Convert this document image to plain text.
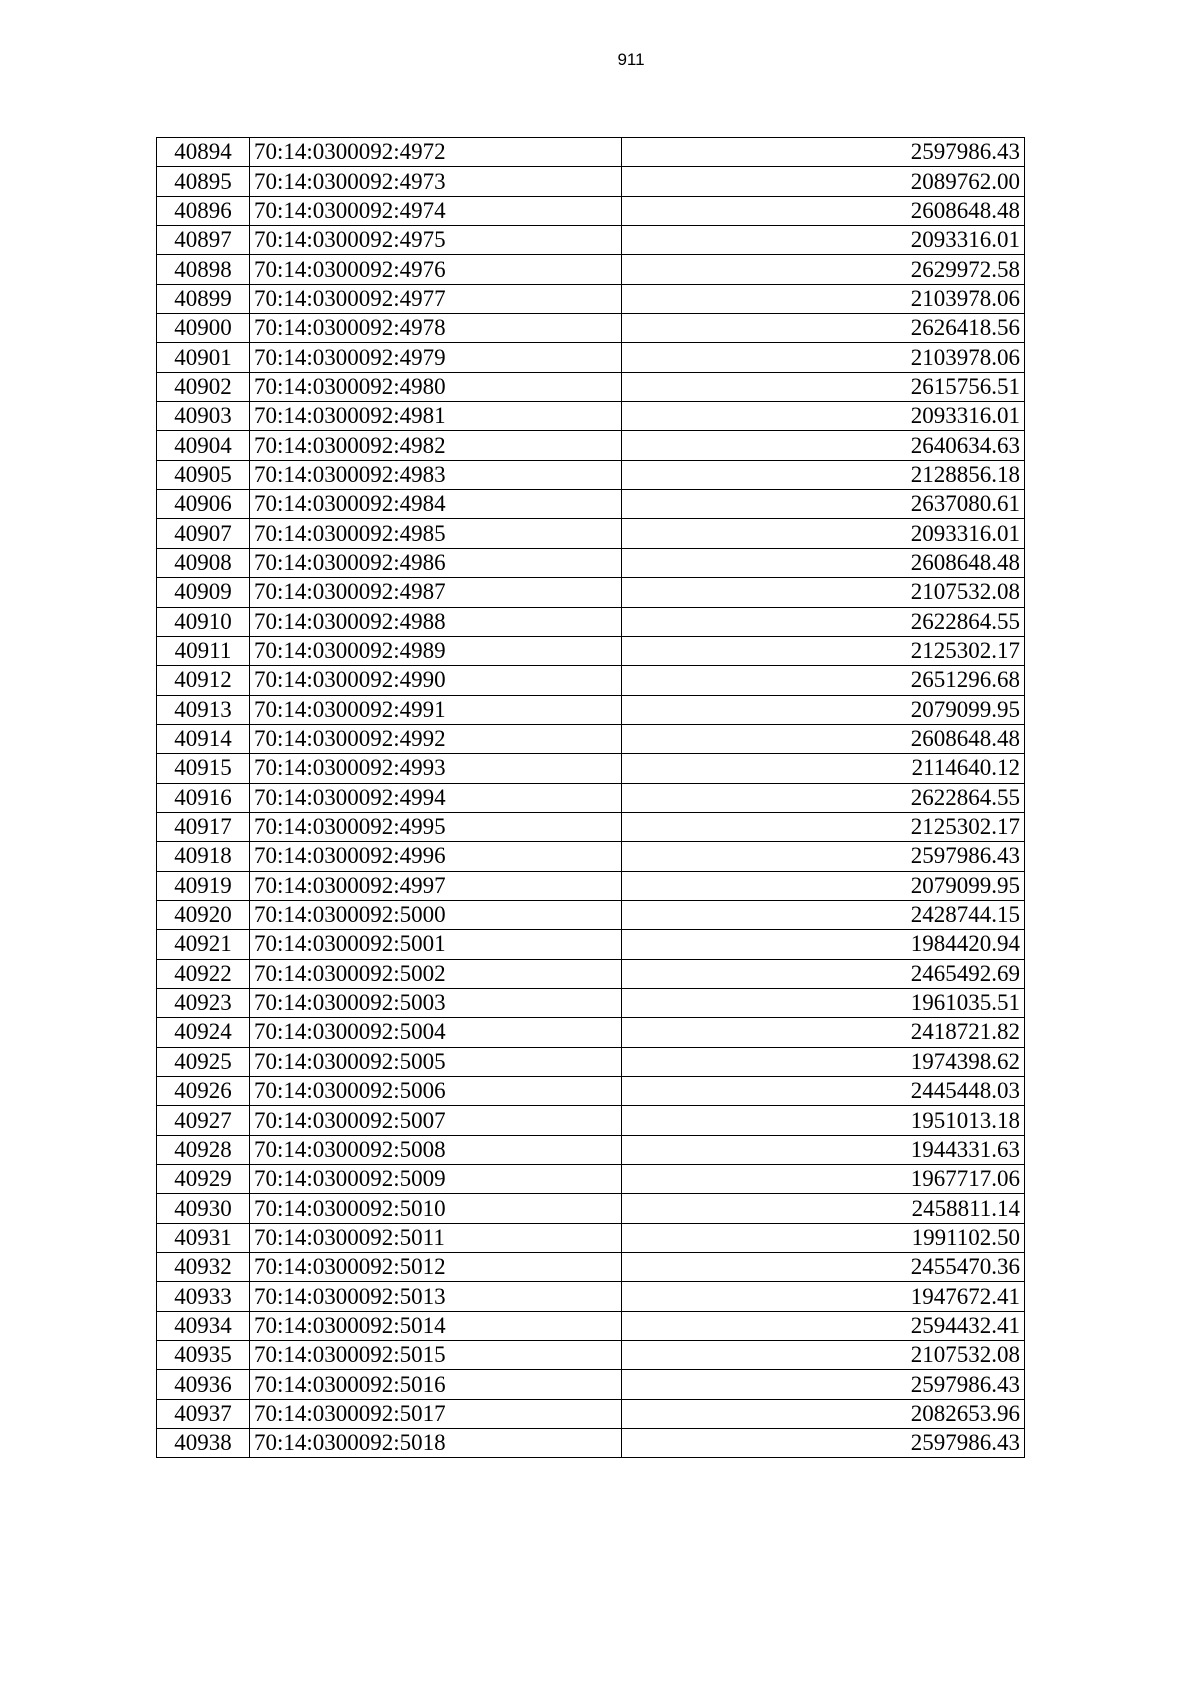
911
40894	70:14:0300092:4972	2597986.43
40895	70:14:0300092:4973	2089762.00
40896	70:14:0300092:4974	2608648.48
40897	70:14:0300092:4975	2093316.01
40898	70:14:0300092:4976	2629972.58
40899	70:14:0300092:4977	2103978.06
40900	70:14:0300092:4978	2626418.56
40901	70:14:0300092:4979	2103978.06
40902	70:14:0300092:4980	2615756.51
40903	70:14:0300092:4981	2093316.01
40904	70:14:0300092:4982	2640634.63
40905	70:14:0300092:4983	2128856.18
40906	70:14:0300092:4984	2637080.61
40907	70:14:0300092:4985	2093316.01
40908	70:14:0300092:4986	2608648.48
40909	70:14:0300092:4987	2107532.08
40910	70:14:0300092:4988	2622864.55
40911	70:14:0300092:4989	2125302.17
40912	70:14:0300092:4990	2651296.68
40913	70:14:0300092:4991	2079099.95
40914	70:14:0300092:4992	2608648.48
40915	70:14:0300092:4993	2114640.12
40916	70:14:0300092:4994	2622864.55
40917	70:14:0300092:4995	2125302.17
40918	70:14:0300092:4996	2597986.43
40919	70:14:0300092:4997	2079099.95
40920	70:14:0300092:5000	2428744.15
40921	70:14:0300092:5001	1984420.94
40922	70:14:0300092:5002	2465492.69
40923	70:14:0300092:5003	1961035.51
40924	70:14:0300092:5004	2418721.82
40925	70:14:0300092:5005	1974398.62
40926	70:14:0300092:5006	2445448.03
40927	70:14:0300092:5007	1951013.18
40928	70:14:0300092:5008	1944331.63
40929	70:14:0300092:5009	1967717.06
40930	70:14:0300092:5010	2458811.14
40931	70:14:0300092:5011	1991102.50
40932	70:14:0300092:5012	2455470.36
40933	70:14:0300092:5013	1947672.41
40934	70:14:0300092:5014	2594432.41
40935	70:14:0300092:5015	2107532.08
40936	70:14:0300092:5016	2597986.43
40937	70:14:0300092:5017	2082653.96
40938	70:14:0300092:5018	2597986.43
